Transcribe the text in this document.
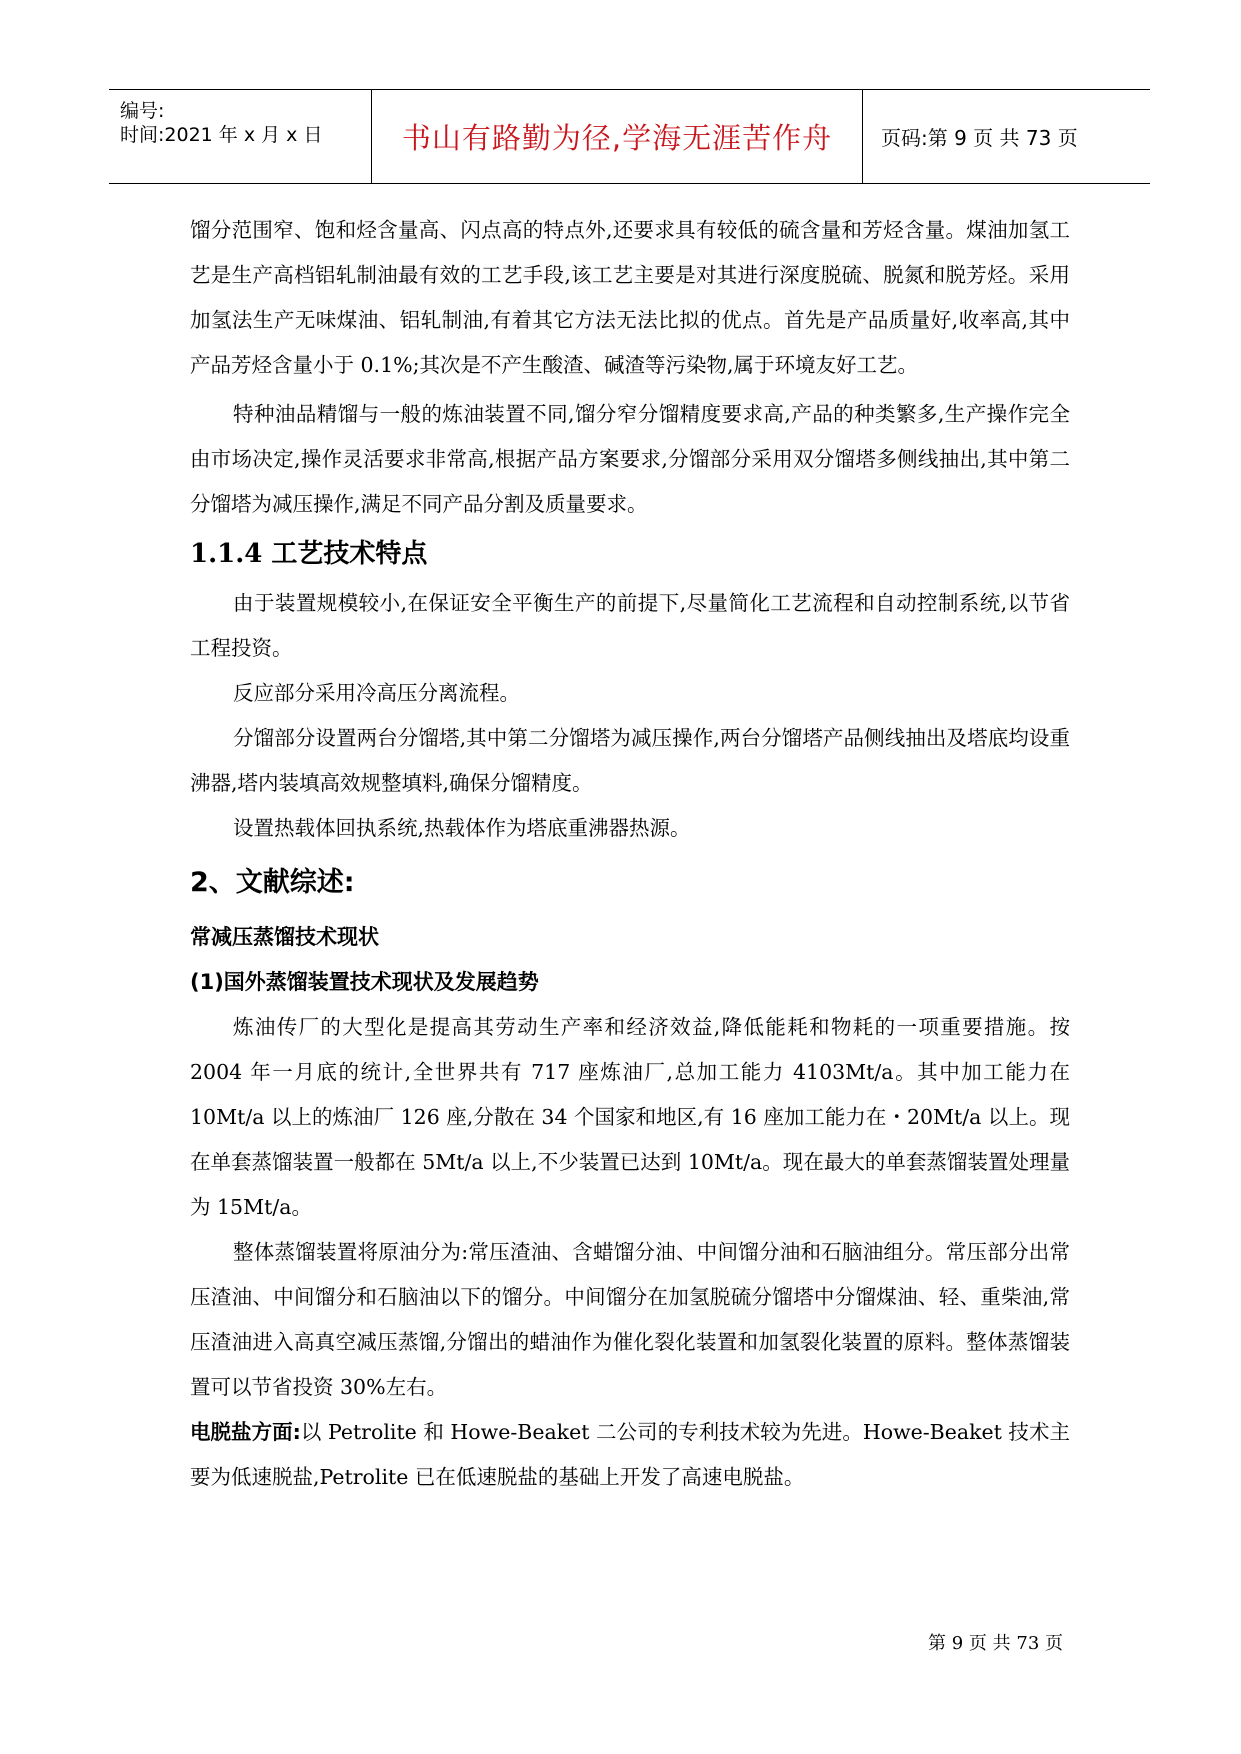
编号:
时间:2021 年 x 月 x 日	书山有路勤为径,学海无涯苦作舟 页码:第 9 页 共 73 页

馏分范围窄、饱和烃含量高、闪点高的特点外,还要求具有较低的硫含量和芳烃含量。煤油加氢工艺是生产高档铝轧制油最有效的工艺手段,该工艺主要是对其进行深度脱硫、脱氮和脱芳烃。采用加氢法生产无味煤油、铝轧制油,有着其它方法无法比拟的优点。首先是产品质量好,收率高,其中产品芳烃含量小于 0.1%;其次是不产生酸渣、碱渣等污染物,属于环境友好工艺。

特种油品精馏与一般的炼油装置不同,馏分窄分馏精度要求高,产品的种类繁多,生产操作完全由市场决定,操作灵活要求非常高,根据产品方案要求,分馏部分采用双分馏塔多侧线抽出,其中第二分馏塔为减压操作,满足不同产品分割及质量要求。

1.1.4 工艺技术特点

由于装置规模较小,在保证安全平衡生产的前提下,尽量简化工艺流程和自动控制系统,以节省工程投资。

反应部分采用冷高压分离流程。

分馏部分设置两台分馏塔,其中第二分馏塔为减压操作,两台分馏塔产品侧线抽出及塔底均设重沸器,塔内装填高效规整填料,确保分馏精度。

设置热载体回执系统,热载体作为塔底重沸器热源。

2、文献综述:
常减压蒸馏技术现状
(1)国外蒸馏装置技术现状及发展趋势

炼油传厂的大型化是提高其劳动生产率和经济效益,降低能耗和物耗的一项重要措施。按 2004 年一月底的统计,全世界共有 717 座炼油厂,总加工能力 4103Mt/a。其中加工能力在 10Mt/a 以上的炼油厂 126 座,分散在 34 个国家和地区,有 16 座加工能力在・20Mt/a 以上。现在单套蒸馏装置一般都在 5Mt/a 以上,不少装置已达到 10Mt/a。现在最大的单套蒸馏装置处理量为 15Mt/a。

整体蒸馏装置将原油分为:常压渣油、含蜡馏分油、中间馏分油和石脑油组分。常压部分出常压渣油、中间馏分和石脑油以下的馏分。中间馏分在加氢脱硫分馏塔中分馏煤油、轻、重柴油,常压渣油进入高真空减压蒸馏,分馏出的蜡油作为催化裂化装置和加氢裂化装置的原料。整体蒸馏装置可以节省投资 30%左右。

电脱盐方面:以 Petrolite 和 Howe-Beaket 二公司的专利技术较为先进。Howe-Beaket 技术主要为低速脱盐,Petrolite 已在低速脱盐的基础上开发了高速电脱盐。

第 9 页 共 73 页
